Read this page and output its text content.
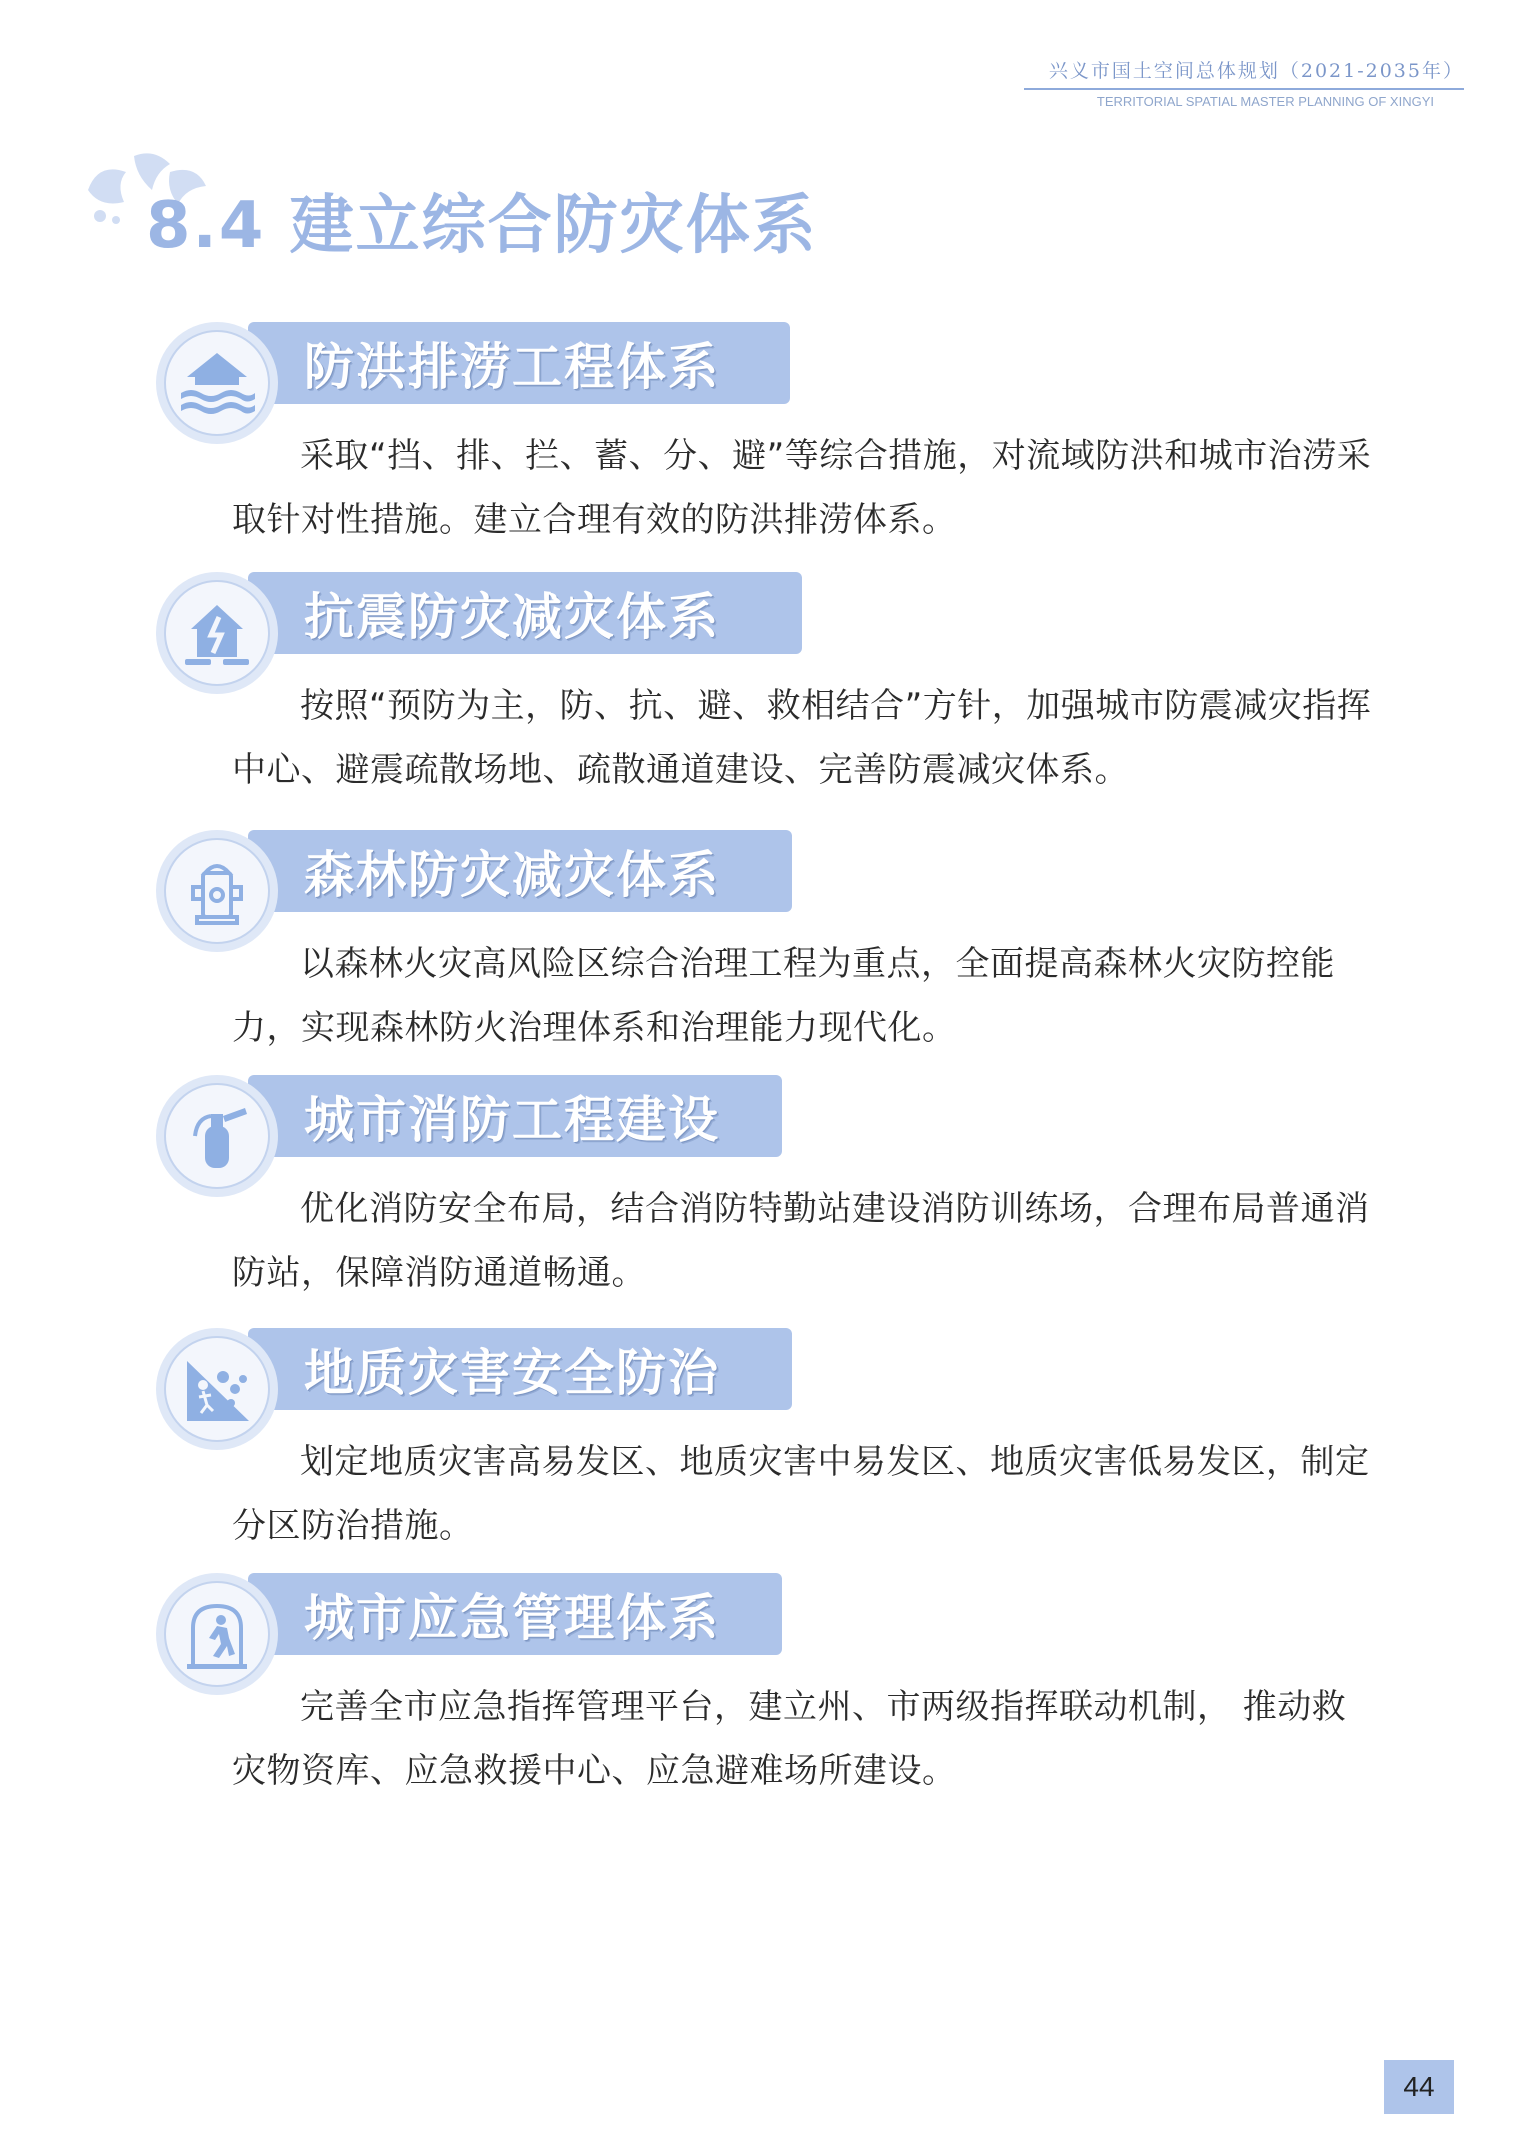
兴义市国土空间总体规划（2021-2035年）
TERRITORIAL SPATIAL MASTER PLANNING OF XINGYI
8.4 建立综合防灾体系
防洪排涝工程体系
采取“挡、排、拦、蓄、分、避”等综合措施，对流域防洪和城市治涝采取针对性措施。建立合理有效的防洪排涝体系。
抗震防灾减灾体系
按照“预防为主，防、抗、避、救相结合”方针，加强城市防震减灾指挥中心、避震疏散场地、疏散通道建设、完善防震减灾体系。
森林防灾减灾体系
以森林火灾高风险区综合治理工程为重点，全面提高森林火灾防控能力，实现森林防火治理体系和治理能力现代化。
城市消防工程建设
优化消防安全布局，结合消防特勤站建设消防训练场，合理布局普通消防站，保障消防通道畅通。
地质灾害安全防治
划定地质灾害高易发区、地质灾害中易发区、地质灾害低易发区，制定分区防治措施。
城市应急管理体系
完善全市应急指挥管理平台，建立州、市两级指挥联动机制， 推动救灾物资库、应急救援中心、应急避难场所建设。
44
